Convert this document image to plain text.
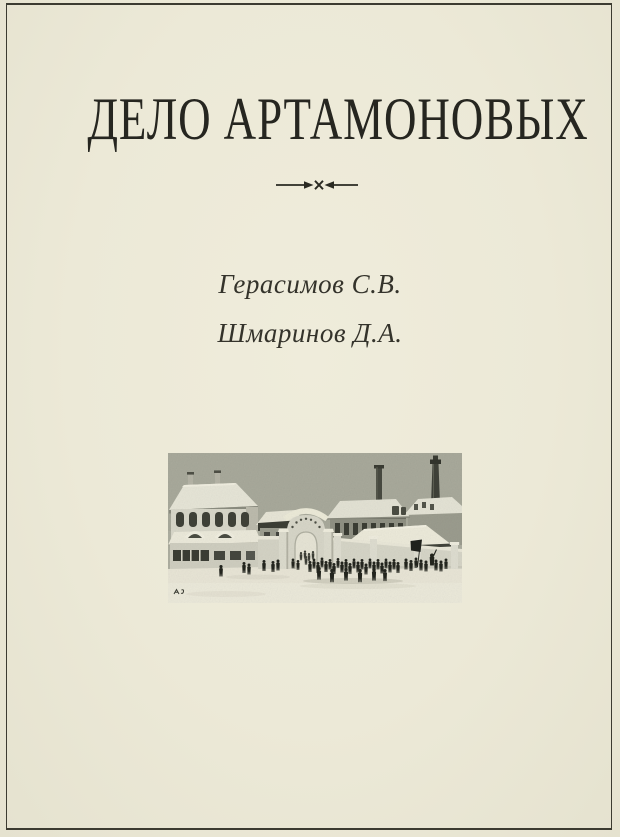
ДЕЛО АРТАМОНОВЫХ
Герасимов С.В.
Шмаринов Д.А.
